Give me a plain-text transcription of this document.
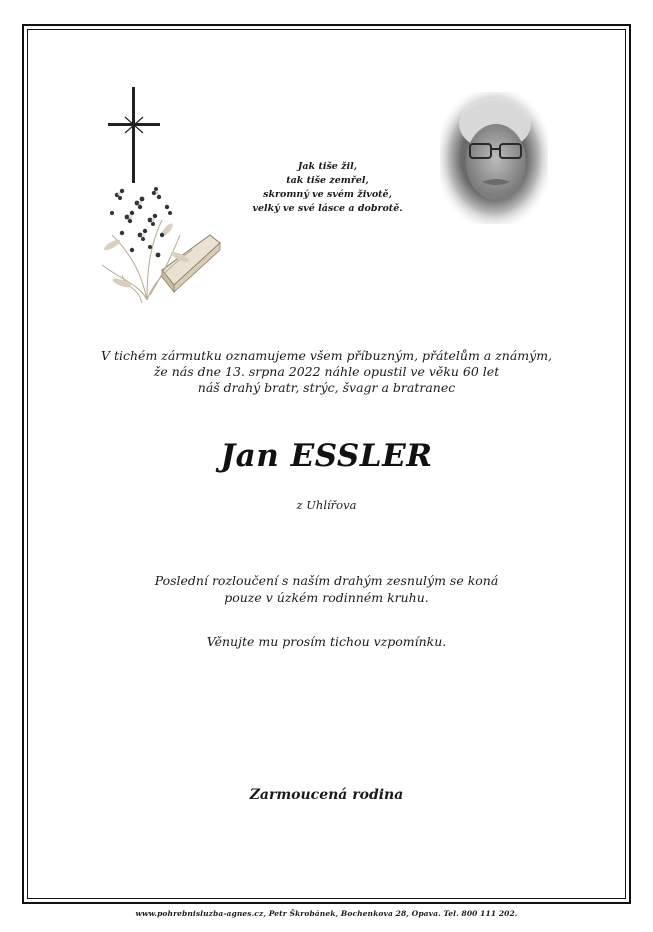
Jak tiše žil,
tak tiše zemřel,
skromný ve svém životě,
velký ve své lásce a dobrotě.
V tichém zármutku oznamujeme všem příbuzným, přátelům a známým,
že nás dne 13. srpna 2022 náhle opustil ve věku 60 let
náš drahý bratr, strýc, švagr a bratranec
Jan ESSLER
z Uhlířova
Poslední rozloučení s naším drahým zesnulým se koná
pouze v úzkém rodinném kruhu.
Věnujte mu prosím tichou vzpomínku.
Zarmoucená rodina
www.pohrebnisluzba-agnes.cz, Petr Škrobánek, Bochenkova 28, Opava. Tel. 800 111 202.
